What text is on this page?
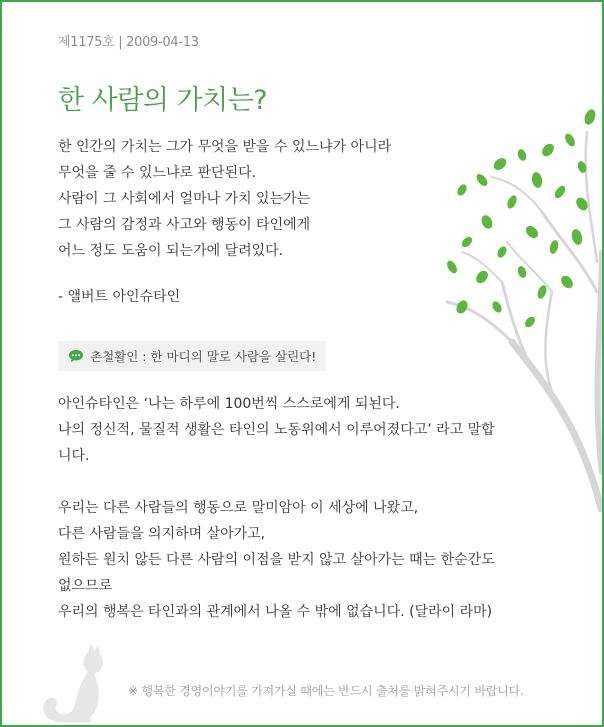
제1175호 | 2009-04-13
한 사람의 가치는?
한 인간의 가치는 그가 무엇을 받을 수 있느냐가 아니라
무엇을 줄 수 있느냐로 판단된다.
사람이 그 사회에서 얼마나 가치 있는가는
그 사람의 감정과 사고와 행동이 타인에게
어느 정도 도움이 되는가에 달려있다.
- 앨버트 아인슈타인
촌철활인 : 한 마디의 말로 사람을 살린다!
아인슈타인은 ‘나는 하루에 100번씩 스스로에게 되뇐다.
나의 정신적, 물질적 생활은 타인의 노동위에서 이루어졌다고’ 라고 말합니다.
우리는 다른 사람들의 행동으로 말미암아 이 세상에 나왔고,
다른 사람들을 의지하며 살아가고,
원하든 원치 않든 다른 사람의 이점을 받지 않고 살아가는 때는 한순간도 없으므로
우리의 행복은 타인과의 관계에서 나올 수 밖에 없습니다. (달라이 라마)
※ 행복한 경영이야기를 가져가실 때에는 반드시 출처를 밝혀주시기 바랍니다.
